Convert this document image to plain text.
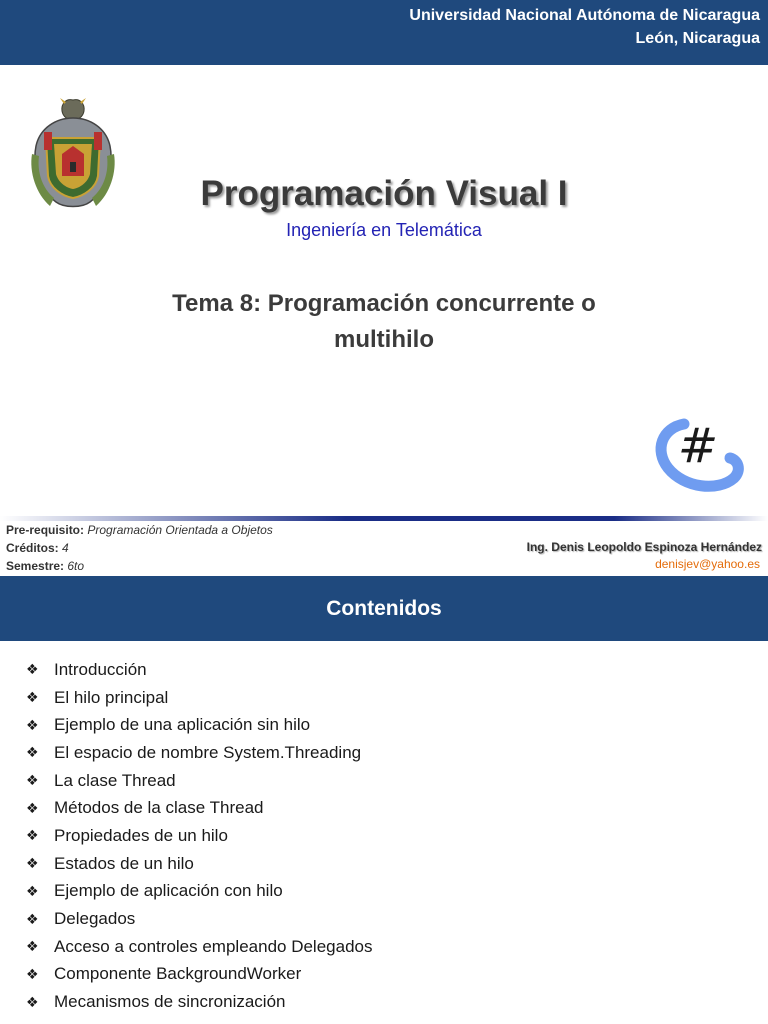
Universidad Nacional Autónoma de Nicaragua
León, Nicaragua
Programación Visual I
Ingeniería en Telemática
Tema 8: Programación concurrente o multihilo
#
Pre-requisito: Programación Orientada a Objetos
Créditos: 4
Semestre: 6to
Ing. Denis Leopoldo Espinoza Hernández
denisjev@yahoo.es
Contenidos
❖ Introducción
❖ El hilo principal
❖ Ejemplo de una aplicación sin hilo
❖ El espacio de nombre System.Threading
❖ La clase Thread
❖ Métodos de la clase Thread
❖ Propiedades de un hilo
❖ Estados de un hilo
❖ Ejemplo de aplicación con hilo
❖ Delegados
❖ Acceso a controles empleando Delegados
❖ Componente BackgroundWorker
❖ Mecanismos de sincronización
